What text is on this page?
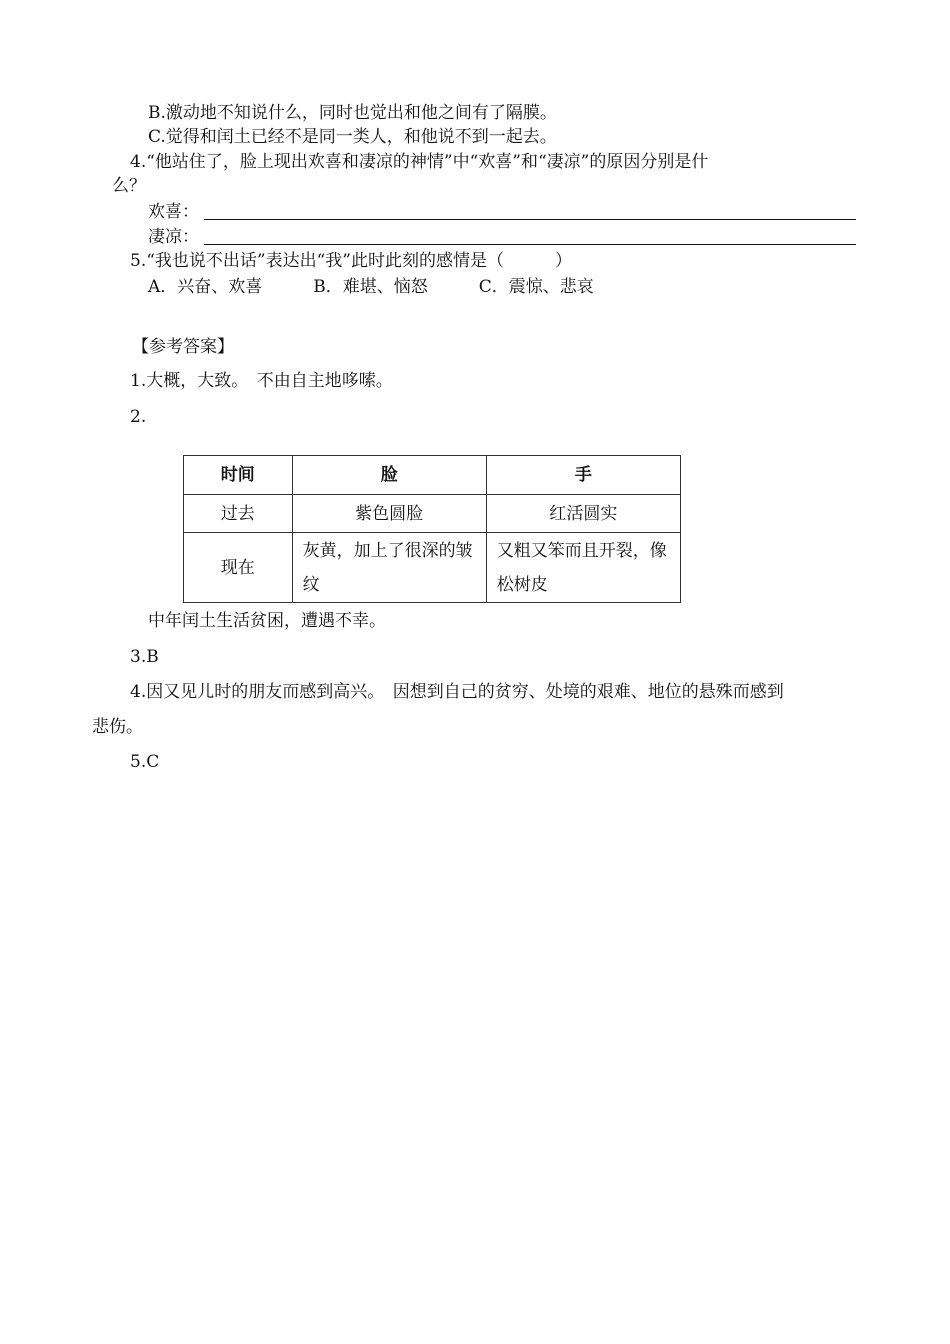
B.激动地不知说什么，同时也觉出和他之间有了隔膜。
C.觉得和闰土已经不是同一类人，和他说不到一起去。
4.“他站住了，脸上现出欢喜和凄凉的神情”中“欢喜”和“凄凉”的原因分别是什
么？
欢喜：
凄凉：
5.“我也说不出话”表达出“我”此时此刻的感情是（　　　）
A．兴奋、欢喜　　　B．难堪、恼怒　　　C．震惊、悲哀
【参考答案】
1.大概，大致。　不由自主地哆嗦。
2.
时间	脸	手
过去	紫色圆脸	红活圆实
现在	灰黄，加上了很深的皱纹	又粗又笨而且开裂，像松树皮
中年闰土生活贫困，遭遇不幸。
3.B
4.因又见儿时的朋友而感到高兴。　因想到自己的贫穷、处境的艰难、地位的悬殊而感到
悲伤。
5.C
